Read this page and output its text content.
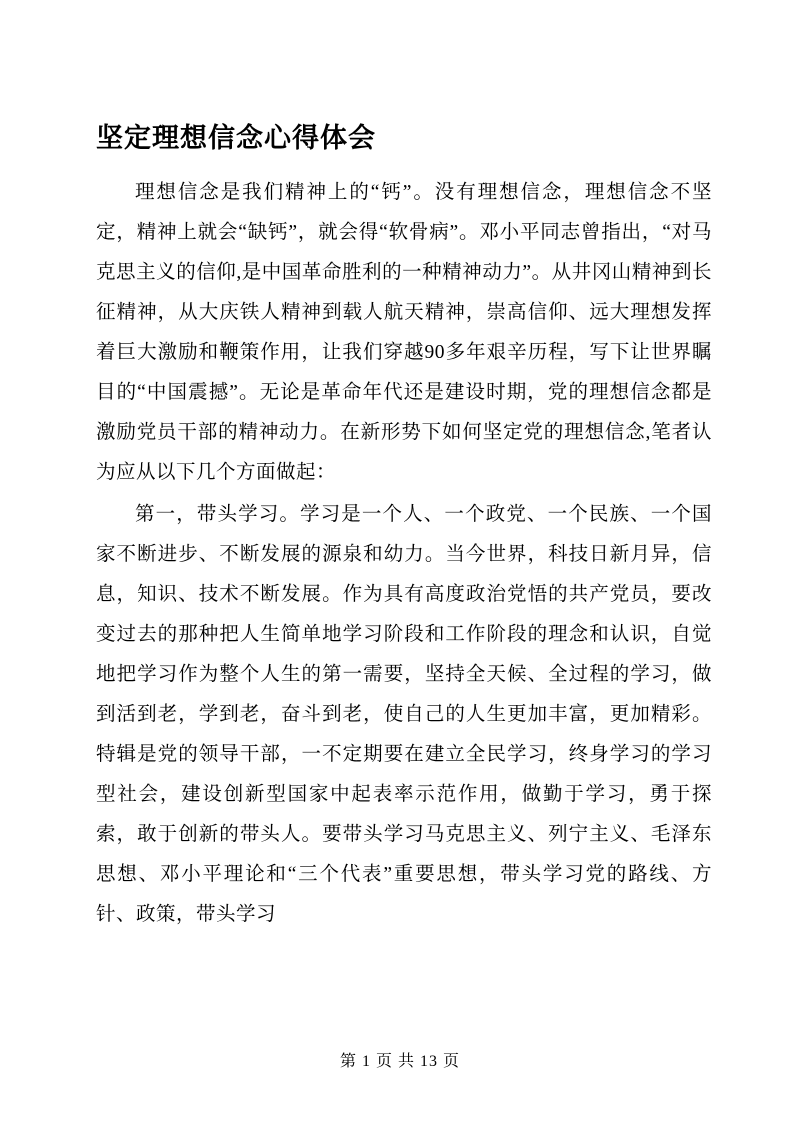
坚定理想信念心得体会

理想信念是我们精神上的“钙”。没有理想信念，理想信念不坚定，精神上就会“缺钙”，就会得“软骨病”。邓小平同志曾指出，“对马克思主义的信仰,是中国革命胜利的一种精神动力”。从井冈山精神到长征精神，从大庆铁人精神到载人航天精神，崇高信仰、远大理想发挥着巨大激励和鞭策作用，让我们穿越90多年艰辛历程，写下让世界瞩目的“中国震撼”。无论是革命年代还是建设时期，党的理想信念都是激励党员干部的精神动力。在新形势下如何坚定党的理想信念,笔者认为应从以下几个方面做起：

第一，带头学习。学习是一个人、一个政党、一个民族、一个国家不断进步、不断发展的源泉和幼力。当今世界，科技日新月异，信息，知识、技术不断发展。作为具有高度政治党悟的共产党员，要改变过去的那种把人生简单地学习阶段和工作阶段的理念和认识，自觉地把学习作为整个人生的第一需要，坚持全天候、全过程的学习，做到活到老，学到老，奋斗到老，使自己的人生更加丰富，更加精彩。特辑是党的领导干部，一不定期要在建立全民学习，终身学习的学习型社会，建设创新型国家中起表率示范作用，做勤于学习，勇于探索，敢于创新的带头人。要带头学习马克思主义、列宁主义、毛泽东思想、邓小平理论和“三个代表”重要思想，带头学习党的路线、方针、政策，带头学习

第 1 页 共 13 页
